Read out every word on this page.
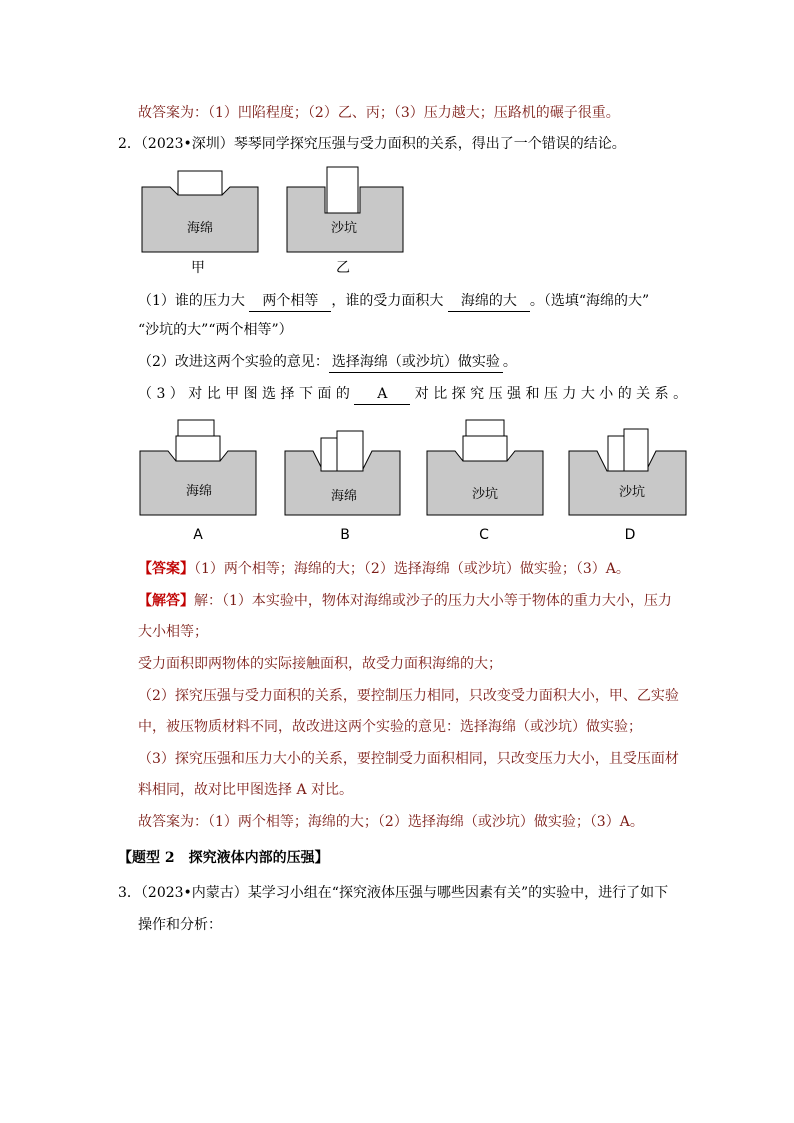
故答案为：（1）凹陷程度；（2）乙、丙；（3）压力越大；压路机的碾子很重。
2．（2023•深圳）琴琴同学探究压强与受力面积的关系，得出了一个错误的结论。
海绵
甲
沙坑
乙
（1）谁的压力大 两个相等 ，谁的受力面积大 海绵的大 。（选填“海绵的大”
“沙坑的大”“两个相等”）
（2）改进这两个实验的意见： 选择海绵（或沙坑）做实验 。
（ 3 ） 对 比 甲 图 选 择 下 面 的 A 对 比 探 究 压 强 和 压 力 大 小 的 关 系 。
海绵
A
海绵
B
沙坑
C
沙坑
D
【答案】（1）两个相等；海绵的大；（2）选择海绵（或沙坑）做实验；（3）A。
【解答】解：（1）本实验中，物体对海绵或沙子的压力大小等于物体的重力大小，压力
大小相等；
受力面积即两物体的实际接触面积，故受力面积海绵的大；
（2）探究压强与受力面积的关系，要控制压力相同，只改变受力面积大小，甲、乙实验
中，被压物质材料不同，故改进这两个实验的意见：选择海绵（或沙坑）做实验；
（3）探究压强和压力大小的关系，要控制受力面积相同，只改变压力大小，且受压面材
料相同，故对比甲图选择 A 对比。
故答案为：（1）两个相等；海绵的大；（2）选择海绵（或沙坑）做实验；（3）A。
【题型 2　探究液体内部的压强】
3．（2023•内蒙古）某学习小组在“探究液体压强与哪些因素有关”的实验中，进行了如下
操作和分析：
